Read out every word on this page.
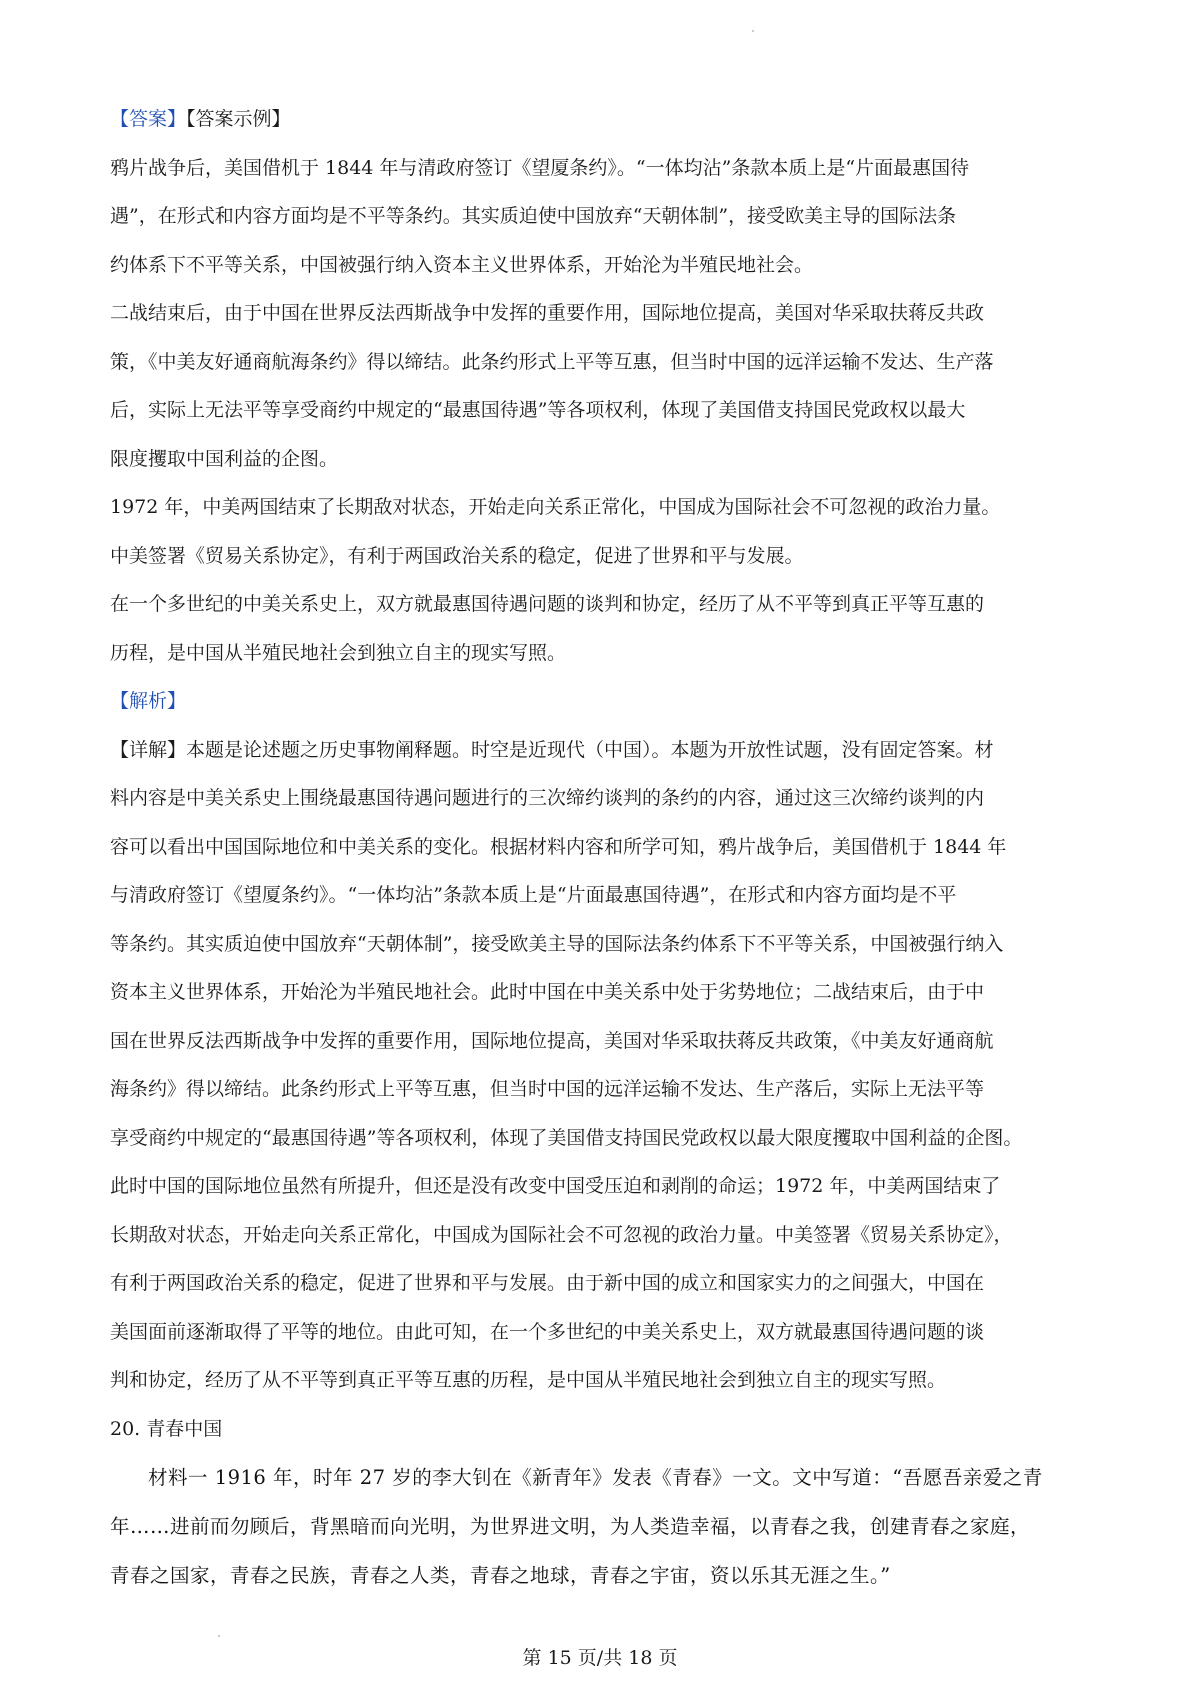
【答案】【答案示例】
鸦片战争后，美国借机于 1844 年与清政府签订《望厦条约》。“一体均沾”条款本质上是“片面最惠国待
遇”，在形式和内容方面均是不平等条约。其实质迫使中国放弃“天朝体制”，接受欧美主导的国际法条
约体系下不平等关系，中国被强行纳入资本主义世界体系，开始沦为半殖民地社会。
二战结束后，由于中国在世界反法西斯战争中发挥的重要作用，国际地位提高，美国对华采取扶蒋反共政
策，《中美友好通商航海条约》得以缔结。此条约形式上平等互惠，但当时中国的远洋运输不发达、生产落
后，实际上无法平等享受商约中规定的“最惠国待遇”等各项权利，体现了美国借支持国民党政权以最大
限度攫取中国利益的企图。
1972 年，中美两国结束了长期敌对状态，开始走向关系正常化，中国成为国际社会不可忽视的政治力量。
中美签署《贸易关系协定》，有利于两国政治关系的稳定，促进了世界和平与发展。
在一个多世纪的中美关系史上，双方就最惠国待遇问题的谈判和协定，经历了从不平等到真正平等互惠的
历程，是中国从半殖民地社会到独立自主的现实写照。
【解析】
【详解】本题是论述题之历史事物阐释题。时空是近现代（中国）。本题为开放性试题，没有固定答案。材
料内容是中美关系史上围绕最惠国待遇问题进行的三次缔约谈判的条约的内容，通过这三次缔约谈判的内
容可以看出中国国际地位和中美关系的变化。根据材料内容和所学可知，鸦片战争后，美国借机于 1844 年
与清政府签订《望厦条约》。“一体均沾”条款本质上是“片面最惠国待遇”，在形式和内容方面均是不平
等条约。其实质迫使中国放弃“天朝体制”，接受欧美主导的国际法条约体系下不平等关系，中国被强行纳入
资本主义世界体系，开始沦为半殖民地社会。此时中国在中美关系中处于劣势地位；二战结束后，由于中
国在世界反法西斯战争中发挥的重要作用，国际地位提高，美国对华采取扶蒋反共政策，《中美友好通商航
海条约》得以缔结。此条约形式上平等互惠，但当时中国的远洋运输不发达、生产落后，实际上无法平等
享受商约中规定的“最惠国待遇”等各项权利，体现了美国借支持国民党政权以最大限度攫取中国利益的企图。
此时中国的国际地位虽然有所提升，但还是没有改变中国受压迫和剥削的命运；1972 年，中美两国结束了
长期敌对状态，开始走向关系正常化，中国成为国际社会不可忽视的政治力量。中美签署《贸易关系协定》，
有利于两国政治关系的稳定，促进了世界和平与发展。由于新中国的成立和国家实力的之间强大，中国在
美国面前逐渐取得了平等的地位。由此可知，在一个多世纪的中美关系史上，双方就最惠国待遇问题的谈
判和协定，经历了从不平等到真正平等互惠的历程，是中国从半殖民地社会到独立自主的现实写照。
20. 青春中国
材料一 1916 年，时年 27 岁的李大钊在《新青年》发表《青春》一文。文中写道：“吾愿吾亲爱之青
年……进前而勿顾后，背黑暗而向光明，为世界进文明，为人类造幸福，以青春之我，创建青春之家庭，
青春之国家，青春之民族，青春之人类，青春之地球，青春之宇宙，资以乐其无涯之生。”
第 15 页/共 18 页
